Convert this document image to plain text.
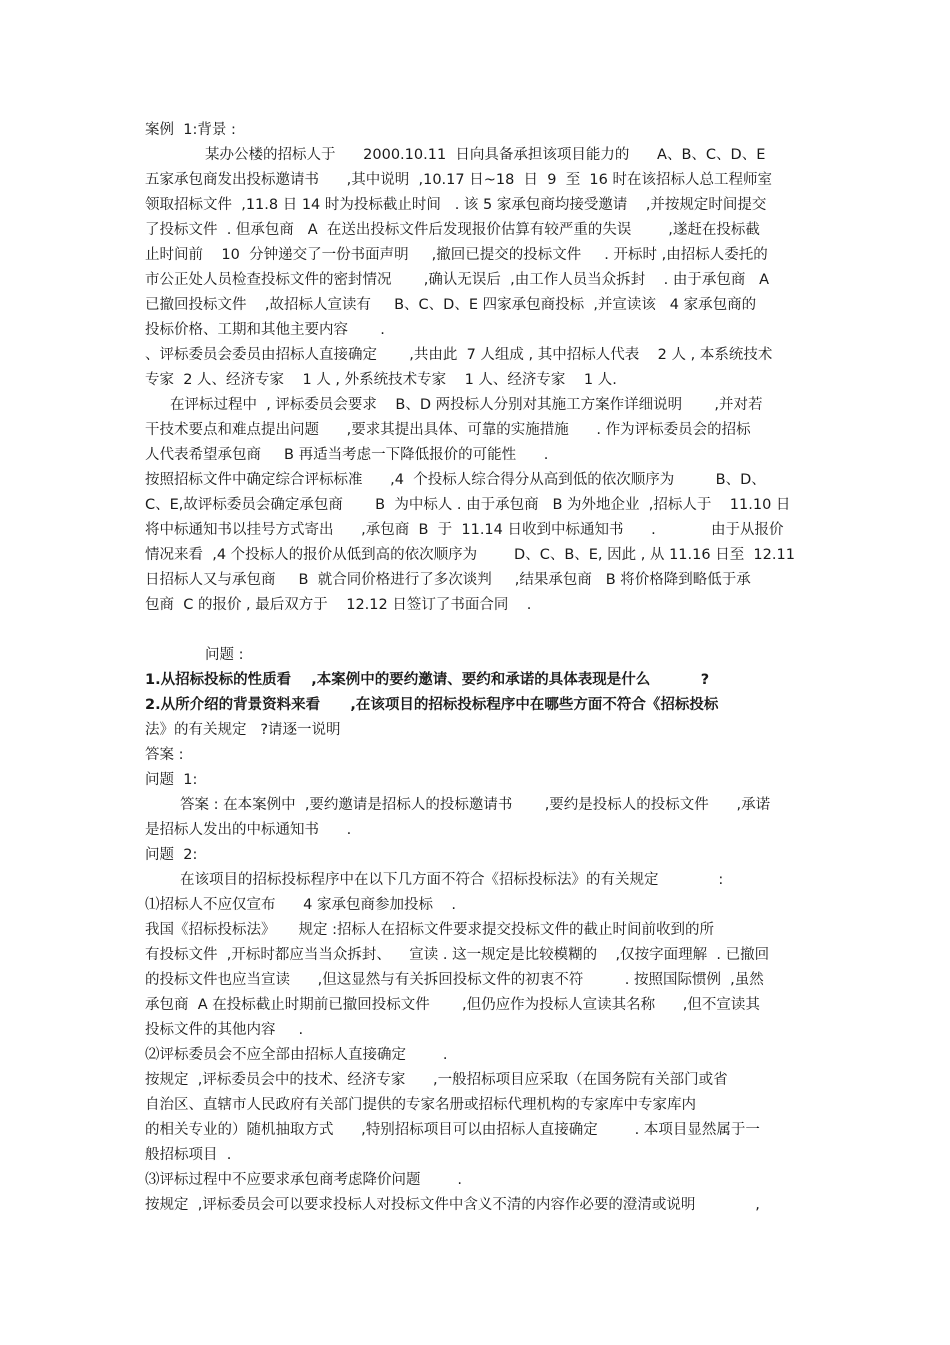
案例  1:背景 :
某办公楼的招标人于      2000.10.11  日向具备承担该项目能力的      A、B、C、D、E
五家承包商发出投标邀请书      ,其中说明  ,10.17 日~18  日  9  至  16 时在该招标人总工程师室
领取招标文件  ,11.8 日 14 时为投标截止时间   . 该 5 家承包商均接受邀请    ,并按规定时间提交
了投标文件  . 但承包商   A  在送出投标文件后发现报价估算有较严重的失误        ,遂赶在投标截
止时间前    10  分钟递交了一份书面声明     ,撤回已提交的投标文件     . 开标时 ,由招标人委托的
市公正处人员检查投标文件的密封情况       ,确认无误后  ,由工作人员当众拆封    . 由于承包商   A
已撤回投标文件    ,故招标人宣读有     B、C、D、E 四家承包商投标  ,并宣读该   4 家承包商的
投标价格、工期和其他主要内容       .
、评标委员会委员由招标人直接确定       ,共由此  7 人组成 , 其中招标人代表    2 人 , 本系统技术
专家  2 人、经济专家    1 人 , 外系统技术专家    1 人、经济专家    1 人.
在评标过程中  , 评标委员会要求    B、D 两投标人分别对其施工方案作详细说明       ,并对若
干技术要点和难点提出问题      ,要求其提出具体、可靠的实施措施      . 作为评标委员会的招标
人代表希望承包商     B 再适当考虑一下降低报价的可能性      .
按照招标文件中确定综合评标标准      ,4  个投标人综合得分从高到低的依次顺序为         B、D、
C、E,故评标委员会确定承包商       B  为中标人 . 由于承包商   B 为外地企业  ,招标人于    11.10 日
将中标通知书以挂号方式寄出      ,承包商  B  于  11.14 日收到中标通知书      .            由于从报价
情况来看  ,4 个投标人的报价从低到高的依次顺序为        D、C、B、E, 因此 , 从 11.16 日至  12.11
日招标人又与承包商     B  就合同价格进行了多次谈判     ,结果承包商   B 将价格降到略低于承
包商  C 的报价 , 最后双方于    12.12 日签订了书面合同    .
问题 :
1.从招标投标的性质看    ,本案例中的要约邀请、要约和承诺的具体表现是什么          ?
2.从所介绍的背景资料来看      ,在该项目的招标投标程序中在哪些方面不符合《招标投标
法》的有关规定   ?请逐一说明
答案 :
问题  1:
答案 : 在本案例中  ,要约邀请是招标人的投标邀请书       ,要约是投标人的投标文件      ,承诺
是招标人发出的中标通知书      .
问题  2:
在该项目的招标投标程序中在以下几方面不符合《招标投标法》的有关规定             :
⑴招标人不应仅宣布      4 家承包商参加投标    .
我国《招标投标法》     规定 :招标人在招标文件要求提交投标文件的截止时间前收到的所
有投标文件  ,开标时都应当当众拆封、    宣读 . 这一规定是比较模糊的    ,仅按字面理解  . 已撤回
的投标文件也应当宣读      ,但这显然与有关拆回投标文件的初衷不符         . 按照国际惯例  ,虽然
承包商  A 在投标截止时期前已撤回投标文件       ,但仍应作为投标人宣读其名称      ,但不宣读其
投标文件的其他内容     .
⑵评标委员会不应全部由招标人直接确定        .
按规定  ,评标委员会中的技术、经济专家      ,一般招标项目应采取（在国务院有关部门或省
自治区、直辖市人民政府有关部门提供的专家名册或招标代理机构的专家库中专家库内
的相关专业的）随机抽取方式      ,特别招标项目可以由招标人直接确定        . 本项目显然属于一
般招标项目  .
⑶评标过程中不应要求承包商考虑降价问题        .
按规定  ,评标委员会可以要求投标人对投标文件中含义不清的内容作必要的澄清或说明             ,
